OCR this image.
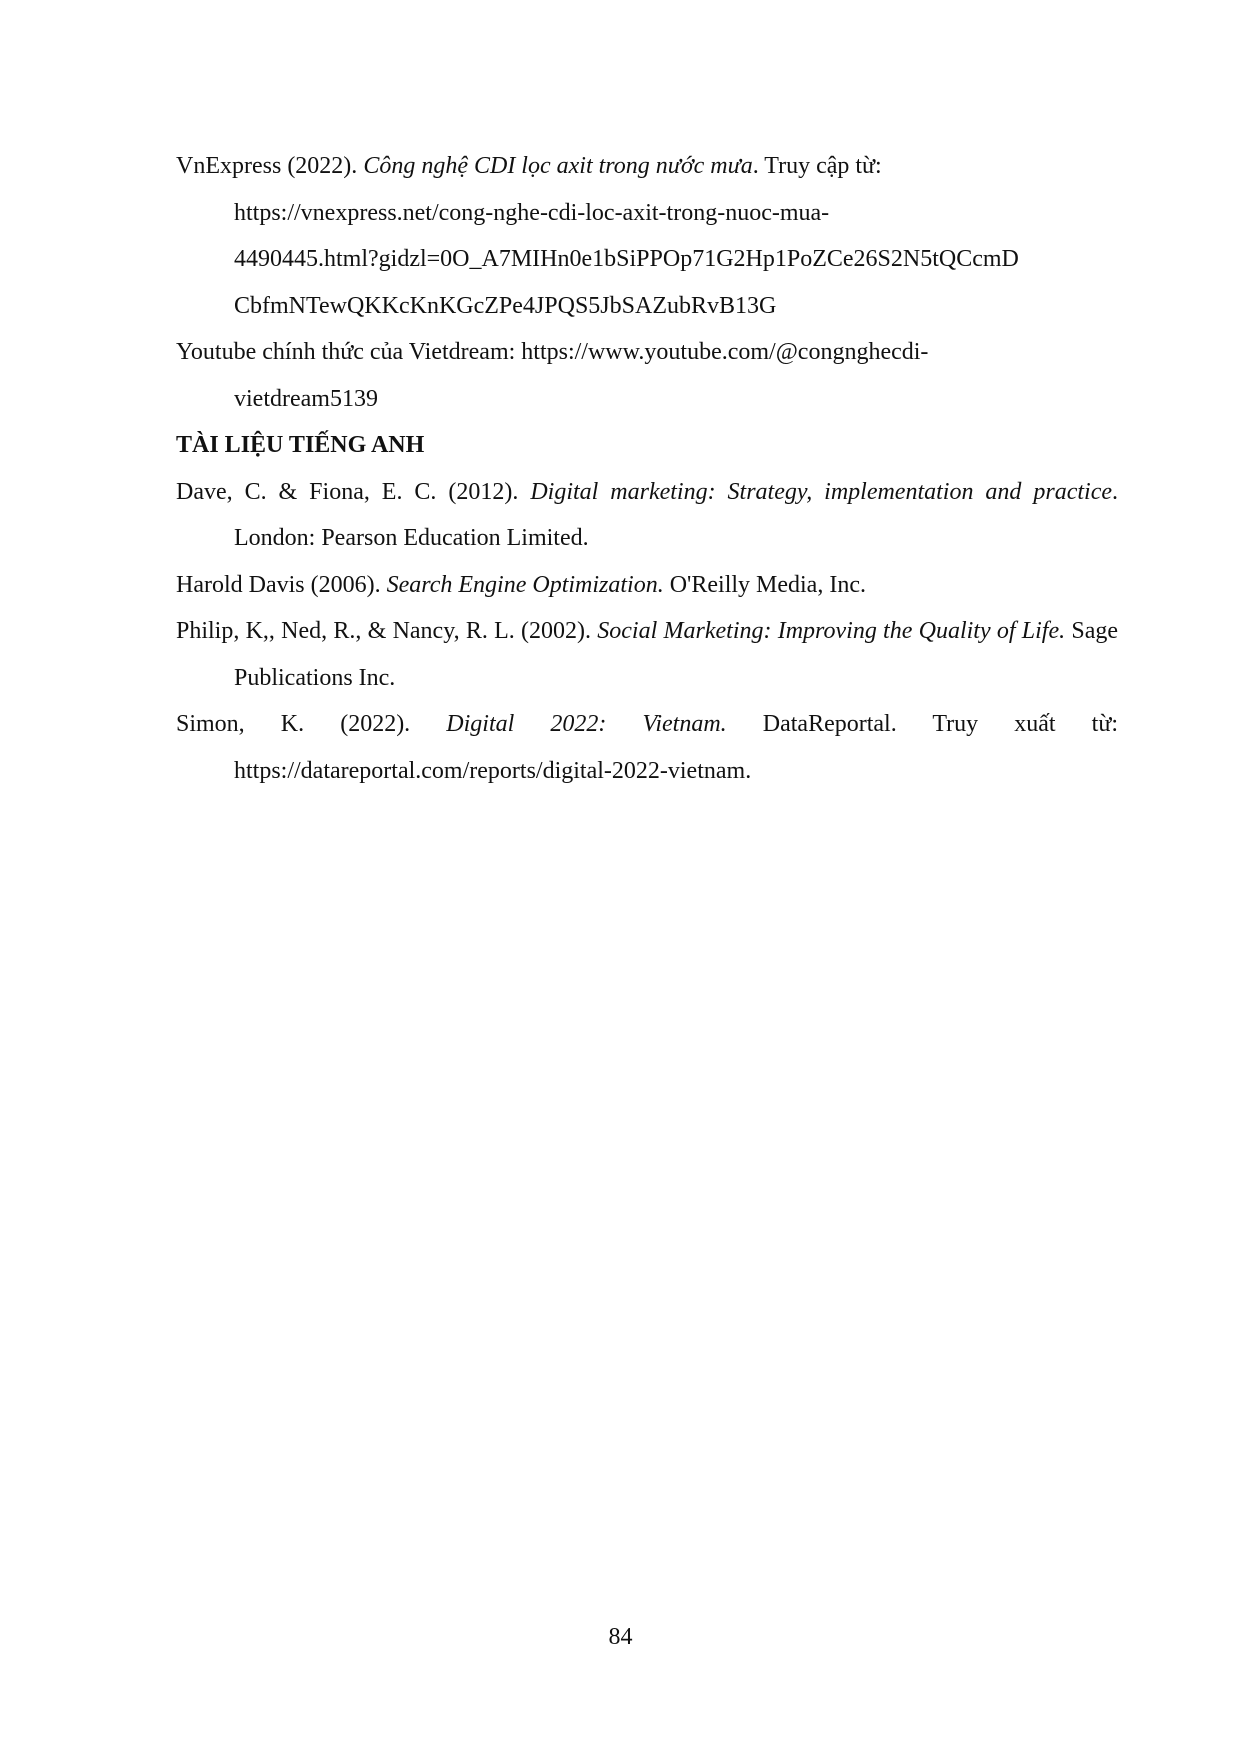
VnExpress (2022). Công nghệ CDI lọc axit trong nước mưa. Truy cập từ:
https://vnexpress.net/cong-nghe-cdi-loc-axit-trong-nuoc-mua-
4490445.html?gidzl=0O_A7MIHn0e1bSiPPOp71G2Hp1PoZCe26S2N5tQCcmD
CbfmNTewQKKcKnKGcZPe4JPQS5JbSAZubRvB13G

Youtube chính thức của Vietdream: https://www.youtube.com/@congnghecdi-
vietdream5139

TÀI LIỆU TIẾNG ANH

Dave, C. & Fiona, E. C. (2012). Digital marketing: Strategy, implementation and practice. London: Pearson Education Limited.

Harold Davis (2006). Search Engine Optimization. O'Reilly Media, Inc.

Philip, K,, Ned, R., & Nancy, R. L. (2002). Social Marketing: Improving the Quality of Life. Sage Publications Inc.

Simon, K. (2022). Digital 2022: Vietnam. DataReportal. Truy xuất từ: https://datareportal.com/reports/digital-2022-vietnam.

84
